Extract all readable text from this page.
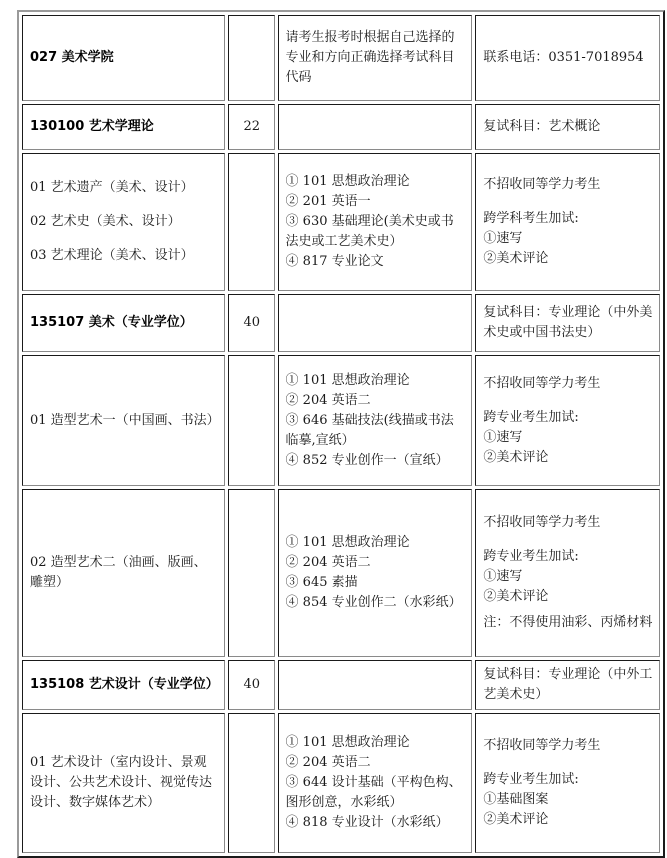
027 美术学院		请考生报考时根据自己选择的专业和方向正确选择考试科目代码	联系电话：0351-7018954
130100 艺术学理论	22		复试科目：艺术概论

01 艺术遗产（美术、设计）
02 艺术史（美术、设计）
03 艺术理论（美术、设计）		① 101 思想政治理论
② 201 英语一
③ 630 基础理论(美术史或书法史或工艺美术史）
④ 817 专业论文	不招收同等学力考生
跨学科考生加试:
①速写
②美术评论

135107 美术（专业学位）	40		复试科目：专业理论（中外美术史或中国书法史）
01 造型艺术一（中国画、书法）		① 101 思想政治理论
② 204 英语二
③ 646 基础技法(线描或书法临摹,宣纸）
④ 852 专业创作一（宣纸）	不招收同等学力考生
跨专业考生加试:
①速写
②美术评论

02 造型艺术二（油画、版画、雕塑）		① 101 思想政治理论
② 204 英语二
③ 645 素描
④ 854 专业创作二（水彩纸）	不招收同等学力考生
跨专业考生加试:
①速写
②美术评论
注：不得使用油彩、丙烯材料

135108 艺术设计（专业学位）	40		复试科目：专业理论（中外工艺美术史）
01 艺术设计（室内设计、景观设计、公共艺术设计、视觉传达设计、数字媒体艺术）		① 101 思想政治理论
② 204 英语二
③ 644 设计基础（平构色构、图形创意，水彩纸）
④ 818 专业设计（水彩纸）	不招收同等学力考生
跨专业考生加试:
①基础图案
②美术评论
